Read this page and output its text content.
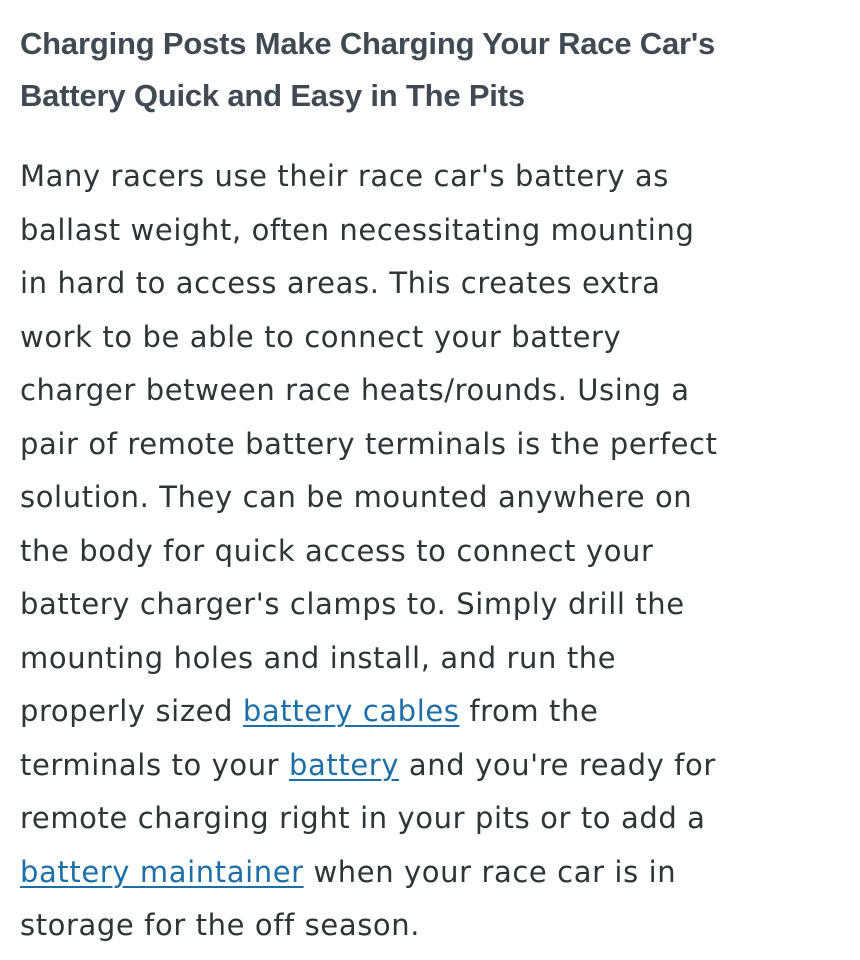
Charging Posts Make Charging Your Race Car's
Battery Quick and Easy in The Pits
Many racers use their race car's battery as
ballast weight, often necessitating mounting
in hard to access areas. This creates extra
work to be able to connect your battery
charger between race heats/rounds. Using a
pair of remote battery terminals is the perfect
solution. They can be mounted anywhere on
the body for quick access to connect your
battery charger's clamps to. Simply drill the
mounting holes and install, and run the
properly sized battery cables from the
terminals to your battery and you're ready for
remote charging right in your pits or to add a
battery maintainer when your race car is in
storage for the off season.
